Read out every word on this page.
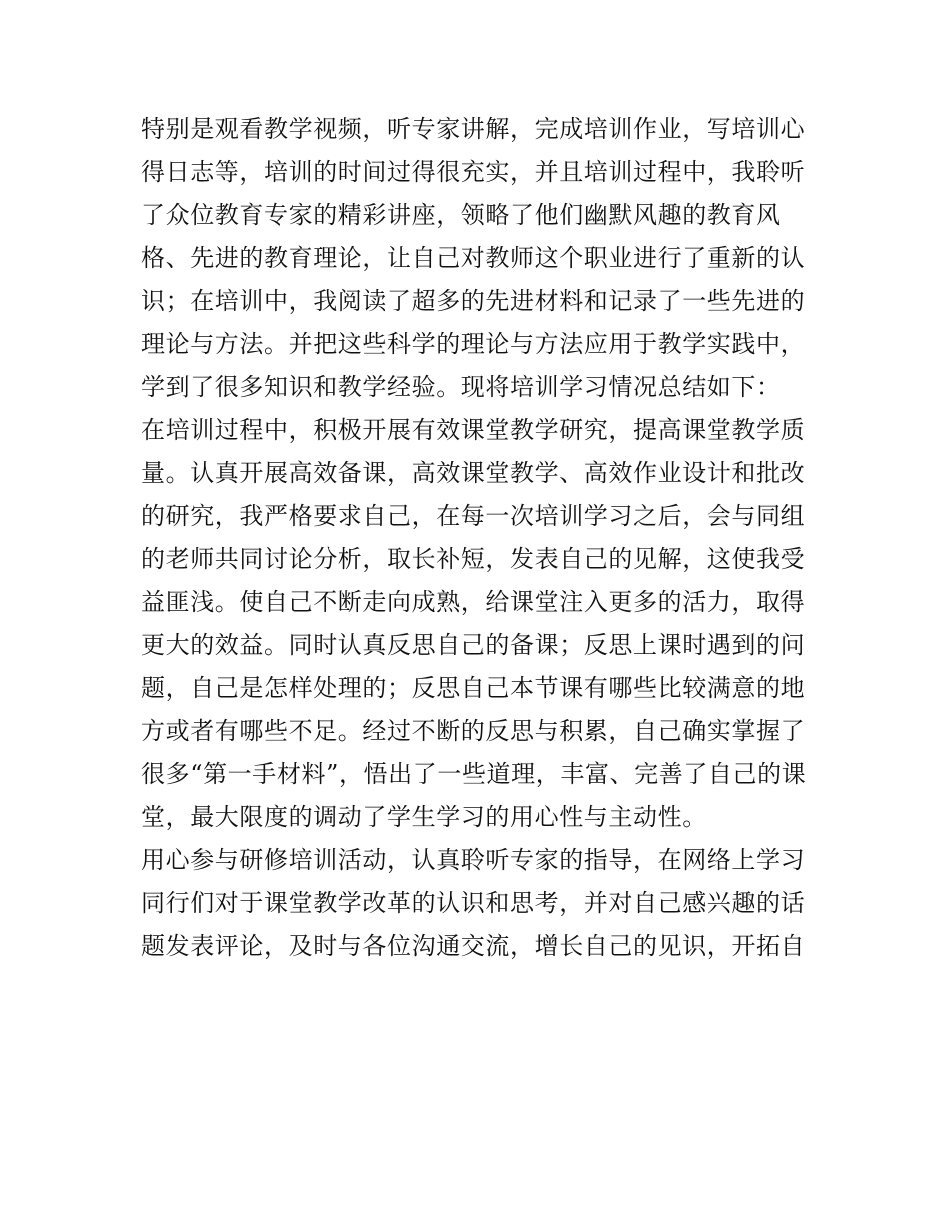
特别是观看教学视频，听专家讲解，完成培训作业，写培训心
得日志等，培训的时间过得很充实，并且培训过程中，我聆听
了众位教育专家的精彩讲座，领略了他们幽默风趣的教育风
格、先进的教育理论，让自己对教师这个职业进行了重新的认
识；在培训中，我阅读了超多的先进材料和记录了一些先进的
理论与方法。并把这些科学的理论与方法应用于教学实践中，
学到了很多知识和教学经验。现将培训学习情况总结如下：
在培训过程中，积极开展有效课堂教学研究，提高课堂教学质
量。认真开展高效备课，高效课堂教学、高效作业设计和批改
的研究，我严格要求自己，在每一次培训学习之后，会与同组
的老师共同讨论分析，取长补短，发表自己的见解，这使我受
益匪浅。使自己不断走向成熟，给课堂注入更多的活力，取得
更大的效益。同时认真反思自己的备课；反思上课时遇到的问
题，自己是怎样处理的；反思自己本节课有哪些比较满意的地
方或者有哪些不足。经过不断的反思与积累，自己确实掌握了
很多“第一手材料”，悟出了一些道理，丰富、完善了自己的课
堂，最大限度的调动了学生学习的用心性与主动性。
用心参与研修培训活动，认真聆听专家的指导，在网络上学习
同行们对于课堂教学改革的认识和思考，并对自己感兴趣的话
题发表评论，及时与各位沟通交流，增长自己的见识，开拓自
